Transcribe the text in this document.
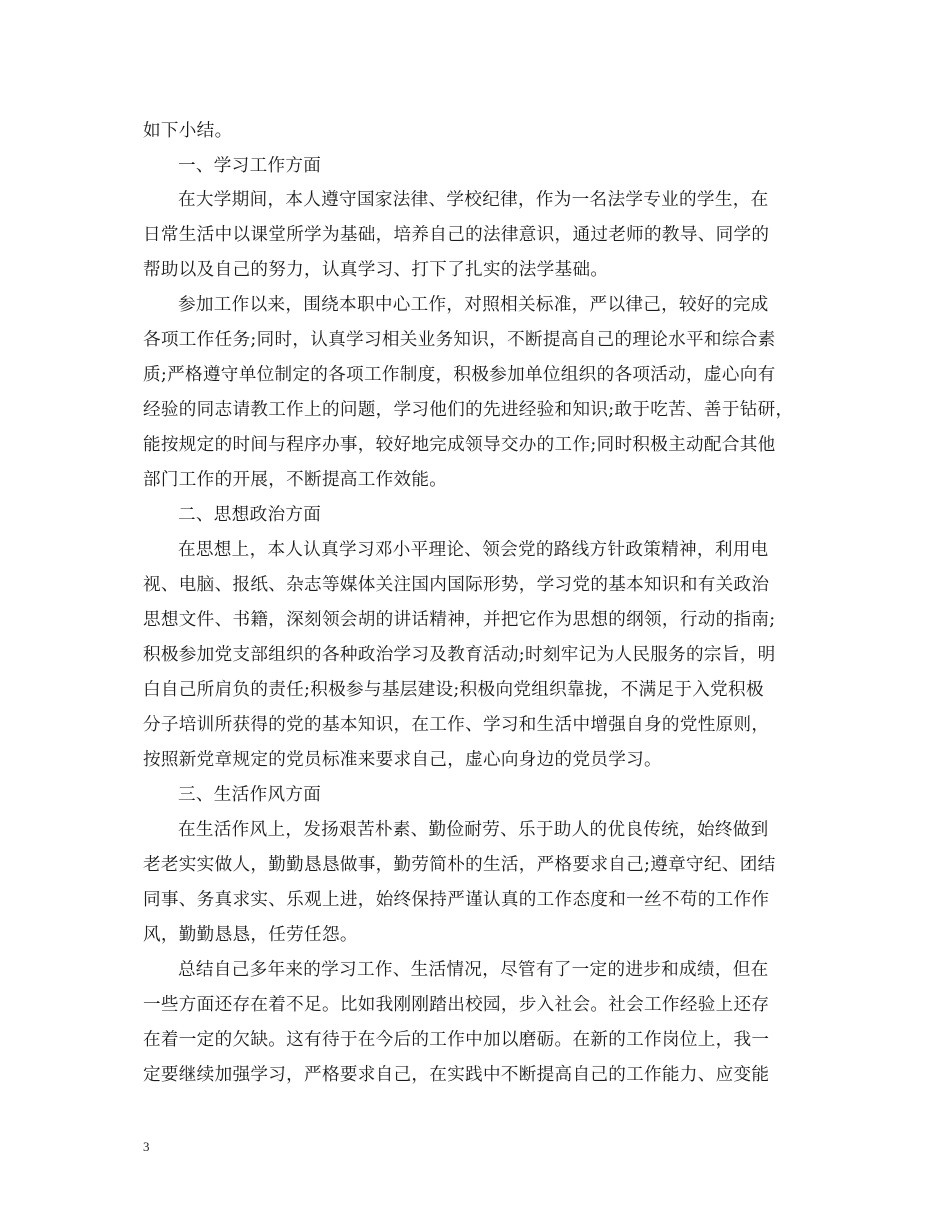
如下小结。
一、学习工作方面
在大学期间，本人遵守国家法律、学校纪律，作为一名法学专业的学生，在
日常生活中以课堂所学为基础，培养自己的法律意识，通过老师的教导、同学的
帮助以及自己的努力，认真学习、打下了扎实的法学基础。
参加工作以来，围绕本职中心工作，对照相关标准，严以律己，较好的完成
各项工作任务;同时，认真学习相关业务知识，不断提高自己的理论水平和综合素
质;严格遵守单位制定的各项工作制度，积极参加单位组织的各项活动，虚心向有
经验的同志请教工作上的问题，学习他们的先进经验和知识;敢于吃苦、善于钻研，
能按规定的时间与程序办事，较好地完成领导交办的工作;同时积极主动配合其他
部门工作的开展，不断提高工作效能。
二、思想政治方面
在思想上，本人认真学习邓小平理论、领会党的路线方针政策精神，利用电
视、电脑、报纸、杂志等媒体关注国内国际形势，学习党的基本知识和有关政治
思想文件、书籍，深刻领会胡的讲话精神，并把它作为思想的纲领，行动的指南;
积极参加党支部组织的各种政治学习及教育活动;时刻牢记为人民服务的宗旨，明
白自己所肩负的责任;积极参与基层建设;积极向党组织靠拢，不满足于入党积极
分子培训所获得的党的基本知识，在工作、学习和生活中增强自身的党性原则，
按照新党章规定的党员标准来要求自己，虚心向身边的党员学习。
三、生活作风方面
在生活作风上，发扬艰苦朴素、勤俭耐劳、乐于助人的优良传统，始终做到
老老实实做人，勤勤恳恳做事，勤劳简朴的生活，严格要求自己;遵章守纪、团结
同事、务真求实、乐观上进，始终保持严谨认真的工作态度和一丝不苟的工作作
风，勤勤恳恳，任劳任怨。
总结自己多年来的学习工作、生活情况，尽管有了一定的进步和成绩，但在
一些方面还存在着不足。比如我刚刚踏出校园，步入社会。社会工作经验上还存
在着一定的欠缺。这有待于在今后的工作中加以磨砺。在新的工作岗位上，我一
定要继续加强学习，严格要求自己，在实践中不断提高自己的工作能力、应变能
3
